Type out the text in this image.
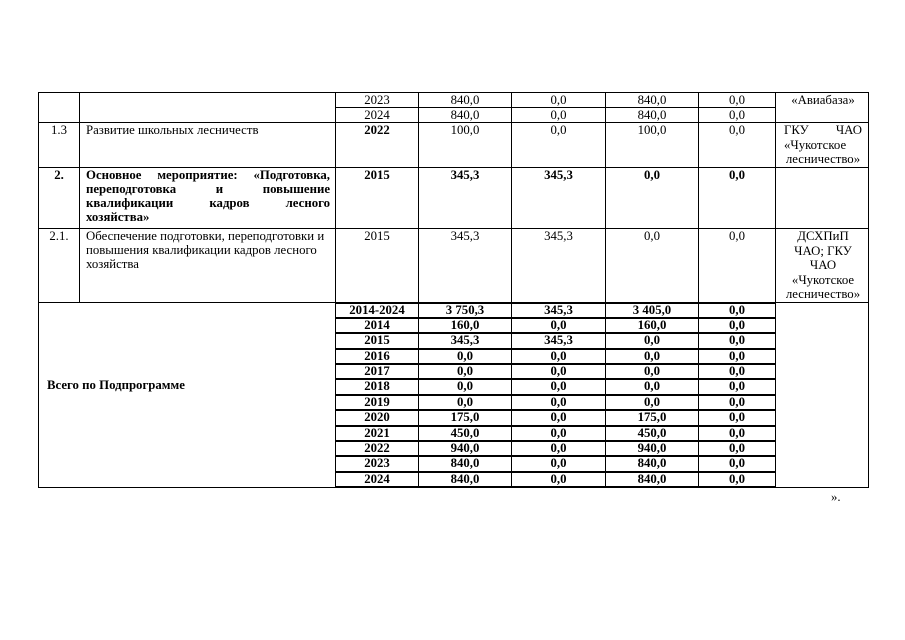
		2023	840,0	0,0	840,0	0,0	«Авиабаза»
		2024	840,0	0,0	840,0	0,0	
1.3	Развитие школьных лесничеств	2022	100,0	0,0	100,0	0,0	ГКУ ЧАО «Чукотское лесничество»
2.	Основное мероприятие: «Подготовка,
переподготовка и повышение
квалификации кадров лесного
хозяйства»	2015	345,3	345,3	0,0	0,0	
2.1.	Обеспечение подготовки, переподготовки и повышения квалификации кадров лесного хозяйства	2015	345,3	345,3	0,0	0,0	ДСХПиП ЧАО; ГКУ ЧАО «Чукотское лесничество»
Всего по Подпрограмме		2014-2024	3 750,3	345,3	3 405,0	0,0	
		2014	160,0	0,0	160,0	0,0	
		2015	345,3	345,3	0,0	0,0	
		2016	0,0	0,0	0,0	0,0	
		2017	0,0	0,0	0,0	0,0	
		2018	0,0	0,0	0,0	0,0	
		2019	0,0	0,0	0,0	0,0	
		2020	175,0	0,0	175,0	0,0	
		2021	450,0	0,0	450,0	0,0	
		2022	940,0	0,0	940,0	0,0	
		2023	840,0	0,0	840,0	0,0	
		2024	840,0	0,0	840,0	0,0	
».
